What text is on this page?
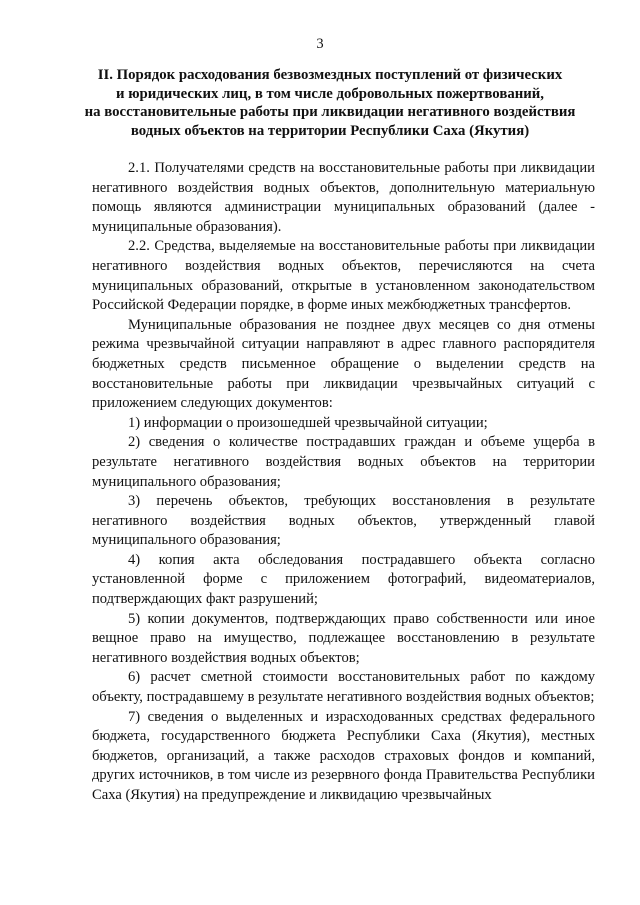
3
II. Порядок расходования безвозмездных поступлений от физических
и юридических лиц, в том числе добровольных пожертвований,
на восстановительные работы при ликвидации негативного воздействия
водных объектов на территории Республики Саха (Якутия)

2.1. Получателями средств на восстановительные работы при ликвидации негативного воздействия водных объектов, дополнительную материальную помощь являются администрации муниципальных образований (далее - муниципальные образования).

2.2. Средства, выделяемые на восстановительные работы при ликвидации негативного воздействия водных объектов, перечисляются на счета муниципальных образований, открытые в установленном законодательством Российской Федерации порядке, в форме иных межбюджетных трансфертов.

Муниципальные образования не позднее двух месяцев со дня отмены режима чрезвычайной ситуации направляют в адрес главного распорядителя бюджетных средств письменное обращение о выделении средств на восстановительные работы при ликвидации чрезвычайных ситуаций с приложением следующих документов:

1) информации о произошедшей чрезвычайной ситуации;

2) сведения о количестве пострадавших граждан и объеме ущерба в результате негативного воздействия водных объектов на территории муниципального образования;

3) перечень объектов, требующих восстановления в результате негативного воздействия водных объектов, утвержденный главой муниципального образования;

4) копия акта обследования пострадавшего объекта согласно установленной форме с приложением фотографий, видеоматериалов, подтверждающих факт разрушений;

5) копии документов, подтверждающих право собственности или иное вещное право на имущество, подлежащее восстановлению в результате негативного воздействия водных объектов;

6) расчет сметной стоимости восстановительных работ по каждому объекту, пострадавшему в результате негативного воздействия водных объектов;

7) сведения о выделенных и израсходованных средствах федерального бюджета, государственного бюджета Республики Саха (Якутия), местных бюджетов, организаций, а также расходов страховых фондов и компаний, других источников, в том числе из резервного фонда Правительства Республики Саха (Якутия) на предупреждение и ликвидацию чрезвычайных
